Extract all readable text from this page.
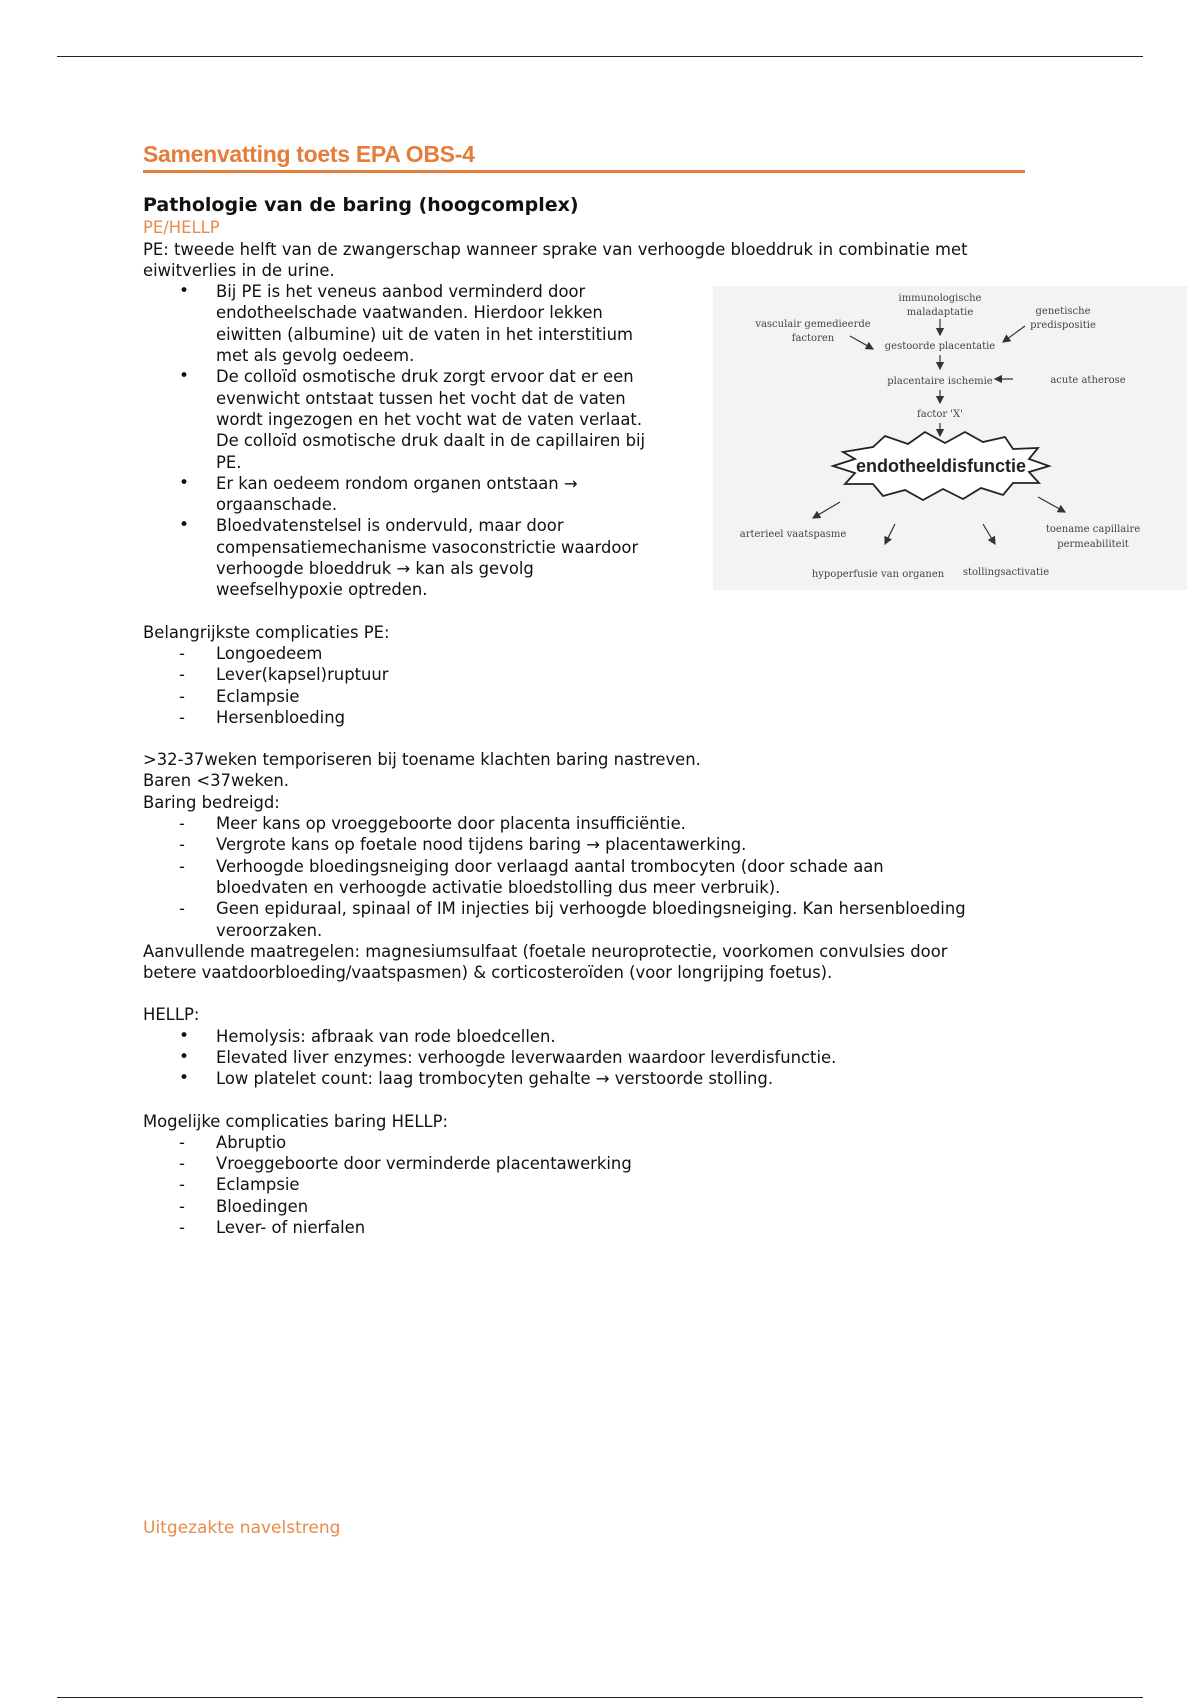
Samenvatting toets EPA OBS-4
Pathologie van de baring (hoogcomplex)

PE/HELLP

PE: tweede helft van de zwangerschap wanneer sprake van verhoogde bloeddruk in combinatie met

eiwitverlies in de urine.

• Bij PE is het veneus aanbod verminderd door
endotheelschade vaatwanden. Hierdoor lekken
eiwitten (albumine) uit de vaten in het interstitium
met als gevolg oedeem.
• De colloïd osmotische druk zorgt ervoor dat er een
evenwicht ontstaat tussen het vocht dat de vaten
wordt ingezogen en het vocht wat de vaten verlaat.
De colloïd osmotische druk daalt in de capillairen bij
PE.
• Er kan oedeem rondom organen ontstaan →
orgaanschade.
• Bloedvatenstelsel is ondervuld, maar door
compensatiemechanisme vasoconstrictie waardoor
verhoogde bloeddruk → kan als gevolg
weefselhypoxie optreden.

Belangrijkste complicaties PE:

- Longoedeem
- Lever(kapsel)ruptuur
- Eclampsie
- Hersenbloeding

>32-37weken temporiseren bij toename klachten baring nastreven.

Baren <37weken.

Baring bedreigd:

- Meer kans op vroeggeboorte door placenta insufficiëntie.
- Vergrote kans op foetale nood tijdens baring → placentawerking.
- Verhoogde bloedingsneiging door verlaagd aantal trombocyten (door schade aan
bloedvaten en verhoogde activatie bloedstolling dus meer verbruik).
- Geen epiduraal, spinaal of IM injecties bij verhoogde bloedingsneiging. Kan hersenbloeding
veroorzaken.

Aanvullende maatregelen: magnesiumsulfaat (foetale neuroprotectie, voorkomen convulsies door

betere vaatdoorbloeding/vaatspasmen) & corticosteroïden (voor longrijping foetus).

HELLP:

• Hemolysis: afbraak van rode bloedcellen.
• Elevated liver enzymes: verhoogde leverwaarden waardoor leverdisfunctie.
• Low platelet count: laag trombocyten gehalte → verstoorde stolling.

Mogelijke complicaties baring HELLP:

- Abruptio
- Vroeggeboorte door verminderde placentawerking
- Eclampsie
- Bloedingen
- Lever- of nierfalen
immunologische
maladaptatie
vasculair gemedieerde
factoren
genetische
predispositie
gestoorde placentatie
placentaire ischemie	acute atherose
factor 'X'
endotheeldisfunctie
arterieel vaatspasme
hypoperfusie van organen stollingsactivatie
toename capillaire
permeabiliteit
Uitgezakte navelstreng
